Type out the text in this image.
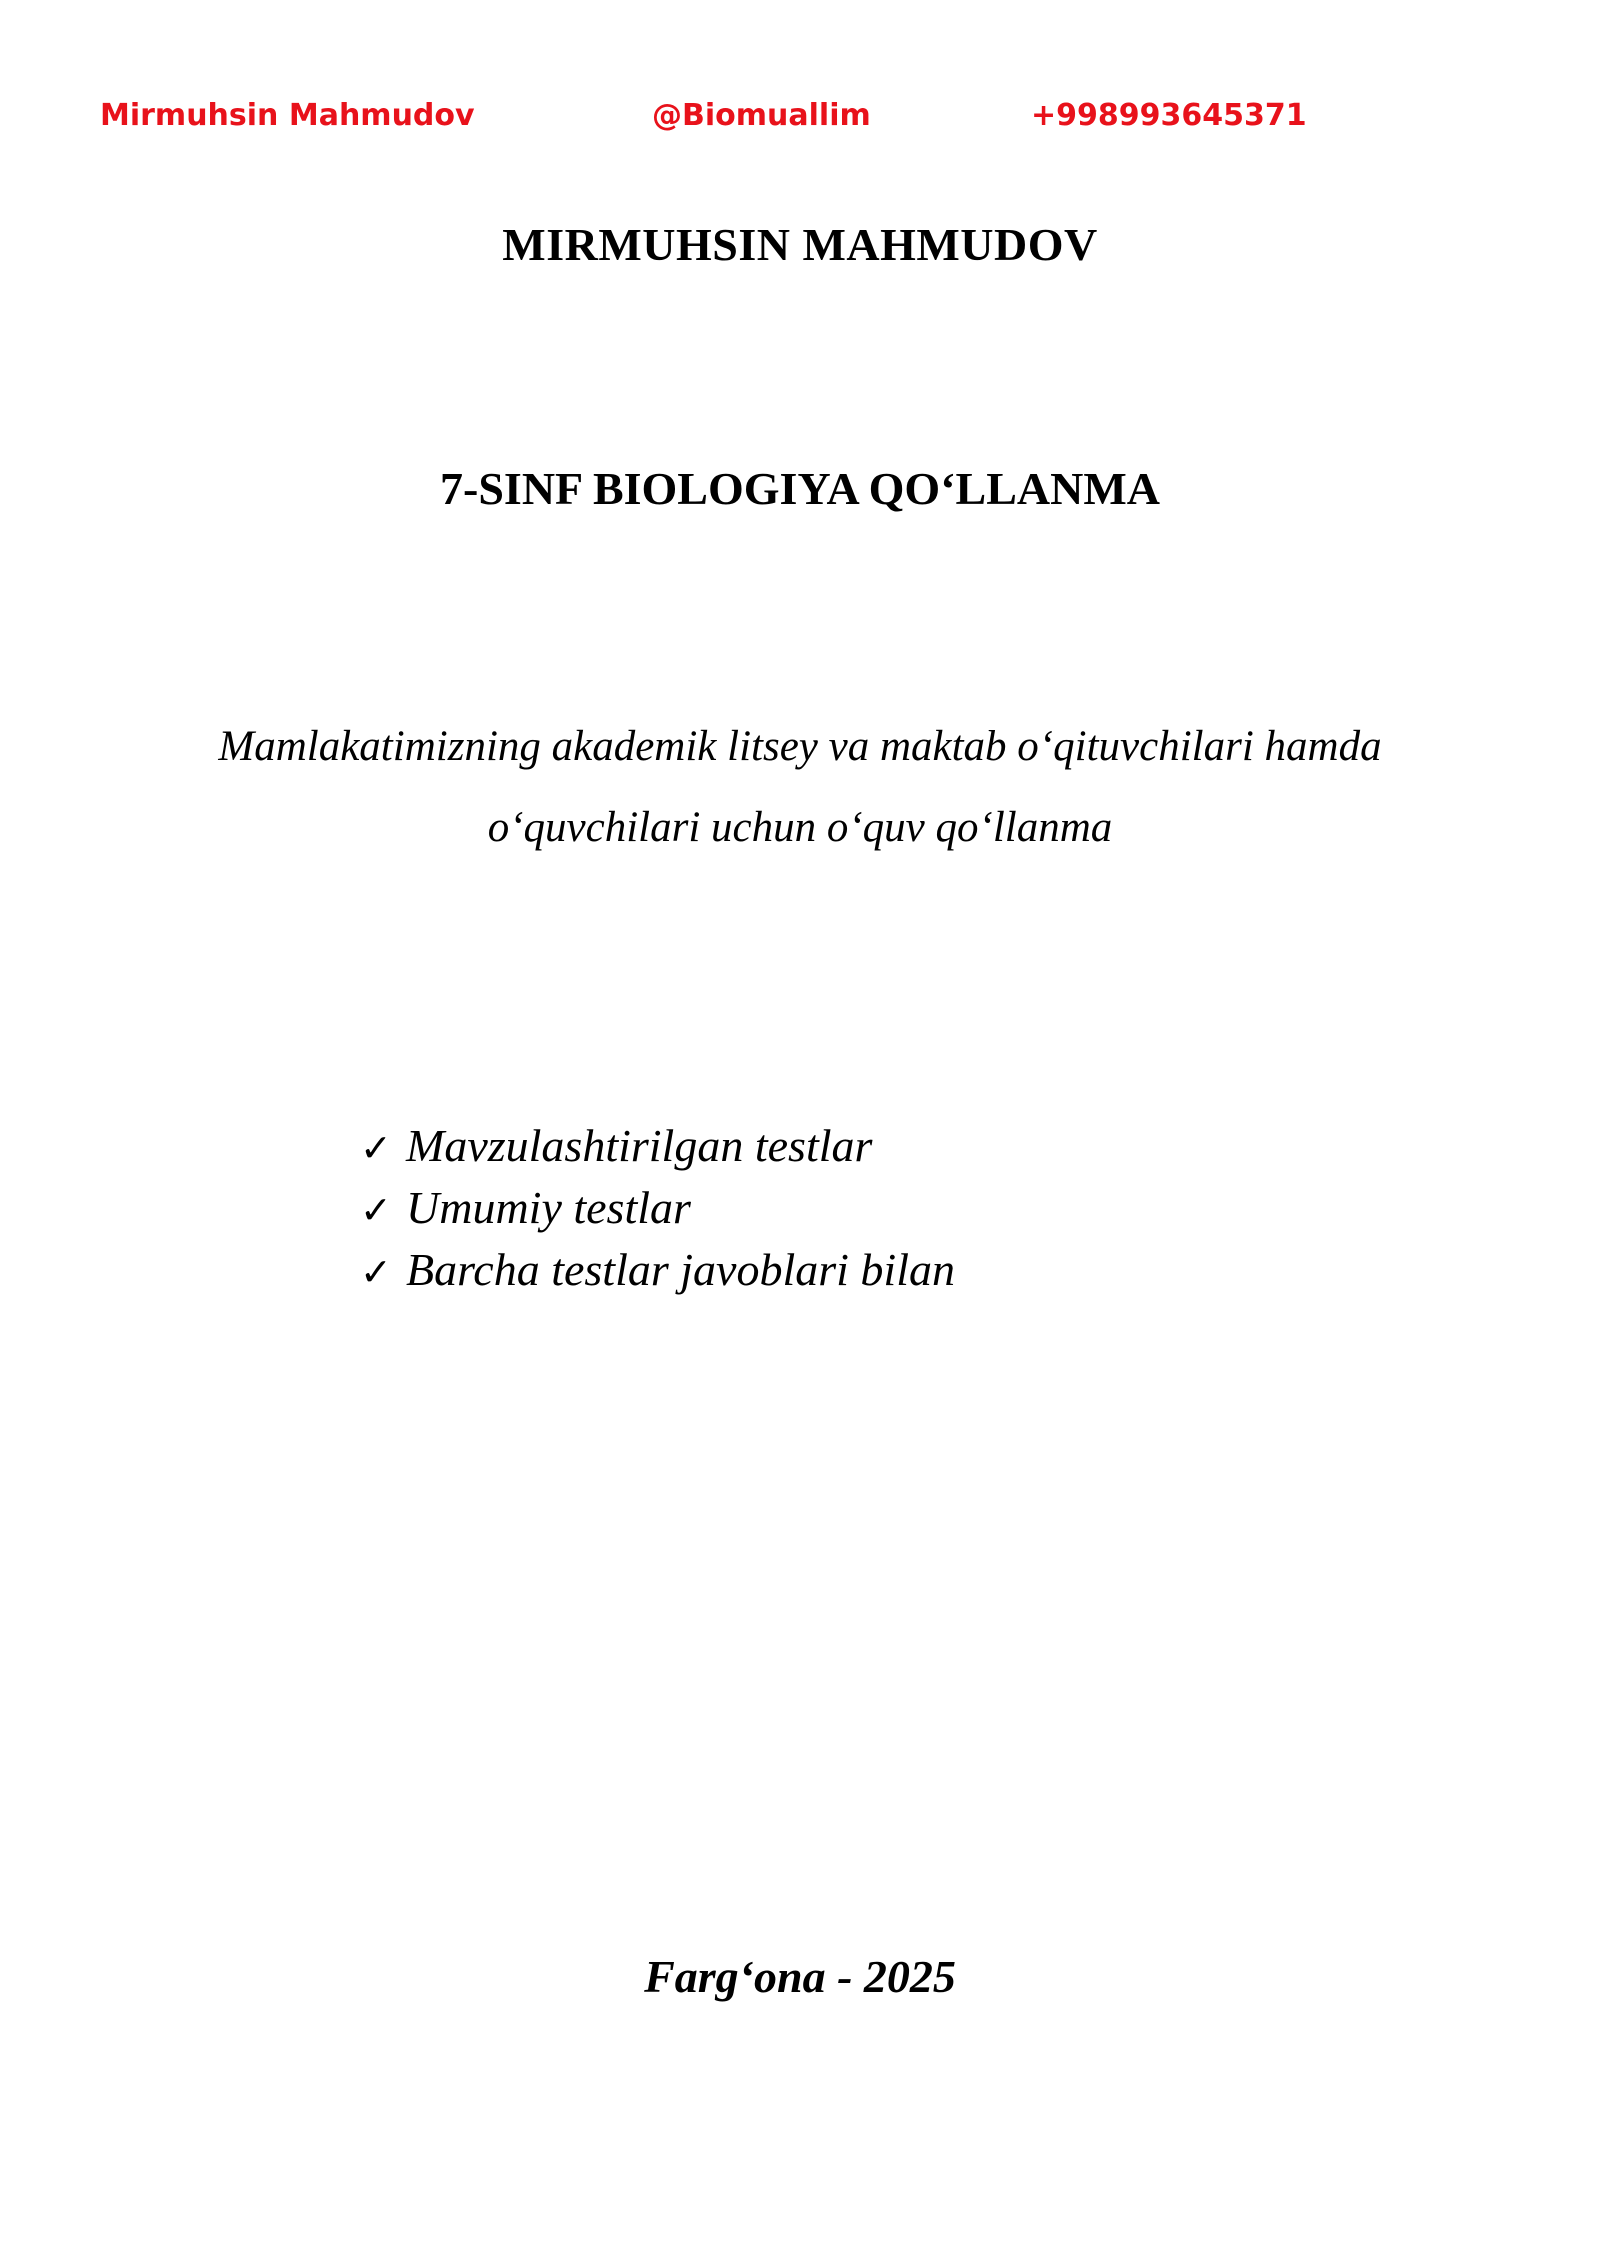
Mirmuhsin Mahmudov	@Biomuallim	+998993645371
MIRMUHSIN MAHMUDOV
7-SINF BIOLOGIYA QO‘LLANMA
Mamlakatimizning akademik litsey va maktab o‘qituvchilari hamda
o‘quvchilari uchun o‘quv qo‘llanma
✓ Mavzulashtirilgan testlar
✓ Umumiy testlar
✓ Barcha testlar javoblari bilan
Farg‘ona - 2025
